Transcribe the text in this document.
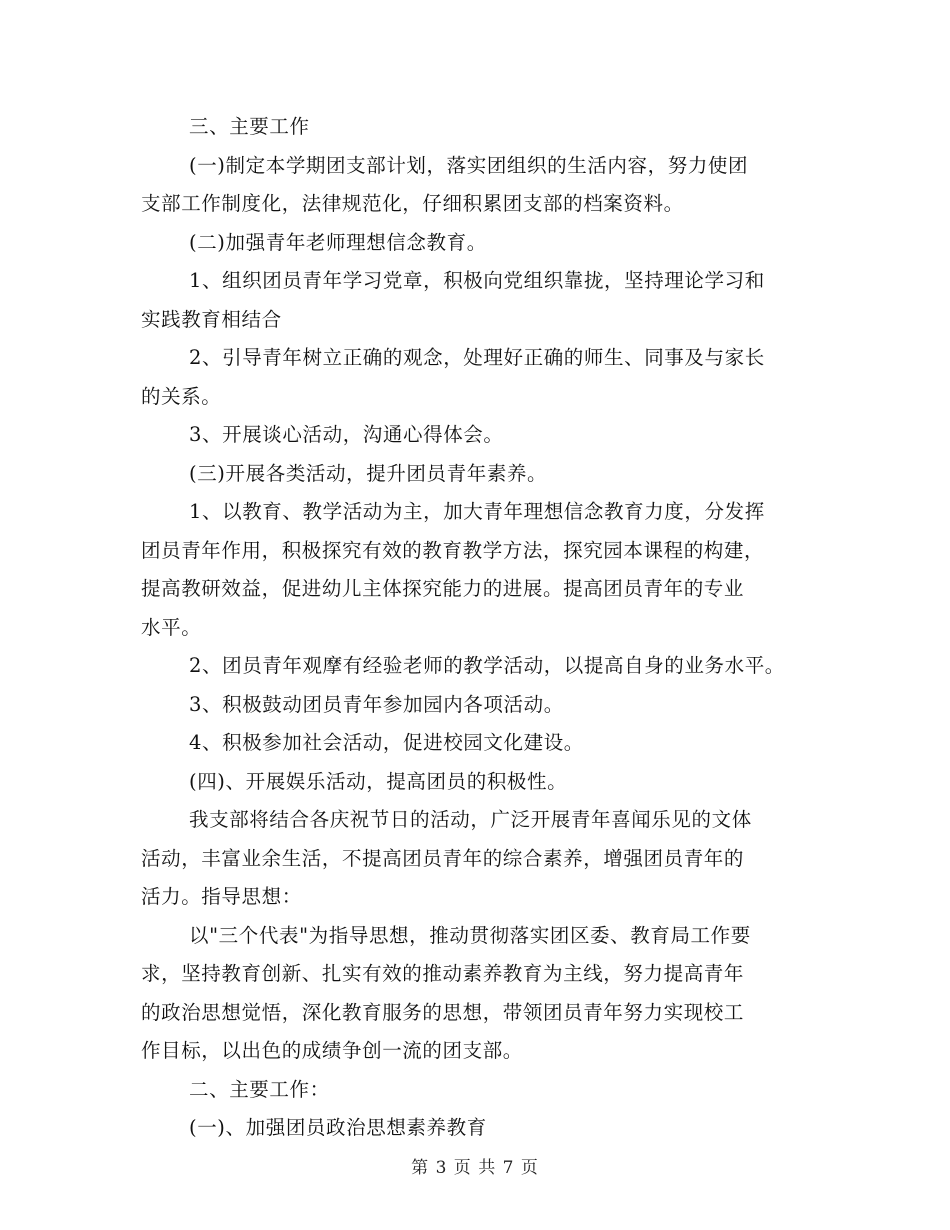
三、主要工作

(一)制定本学期团支部计划，落实团组织的生活内容，努力使团
支部工作制度化，法律规范化，仔细积累团支部的档案资料。

(二)加强青年老师理想信念教育。

1、组织团员青年学习党章，积极向党组织靠拢，坚持理论学习和
实践教育相结合

2、引导青年树立正确的观念，处理好正确的师生、同事及与家长
的关系。

3、开展谈心活动，沟通心得体会。

(三)开展各类活动，提升团员青年素养。

1、以教育、教学活动为主，加大青年理想信念教育力度，分发挥
团员青年作用，积极探究有效的教育教学方法，探究园本课程的构建，
提高教研效益，促进幼儿主体探究能力的进展。提高团员青年的专业
水平。

2、团员青年观摩有经验老师的教学活动，以提高自身的业务水平。

3、积极鼓动团员青年参加园内各项活动。

4、积极参加社会活动，促进校园文化建设。

(四)、开展娱乐活动，提高团员的积极性。

我支部将结合各庆祝节日的活动，广泛开展青年喜闻乐见的文体
活动，丰富业余生活，不提高团员青年的综合素养，增强团员青年的
活力。指导思想：

以"三个代表"为指导思想，推动贯彻落实团区委、教育局工作要
求，坚持教育创新、扎实有效的推动素养教育为主线，努力提高青年
的政治思想觉悟，深化教育服务的思想，带领团员青年努力实现校工
作目标，以出色的成绩争创一流的团支部。

二、主要工作：

(一)、加强团员政治思想素养教育

第 3 页 共 7 页
